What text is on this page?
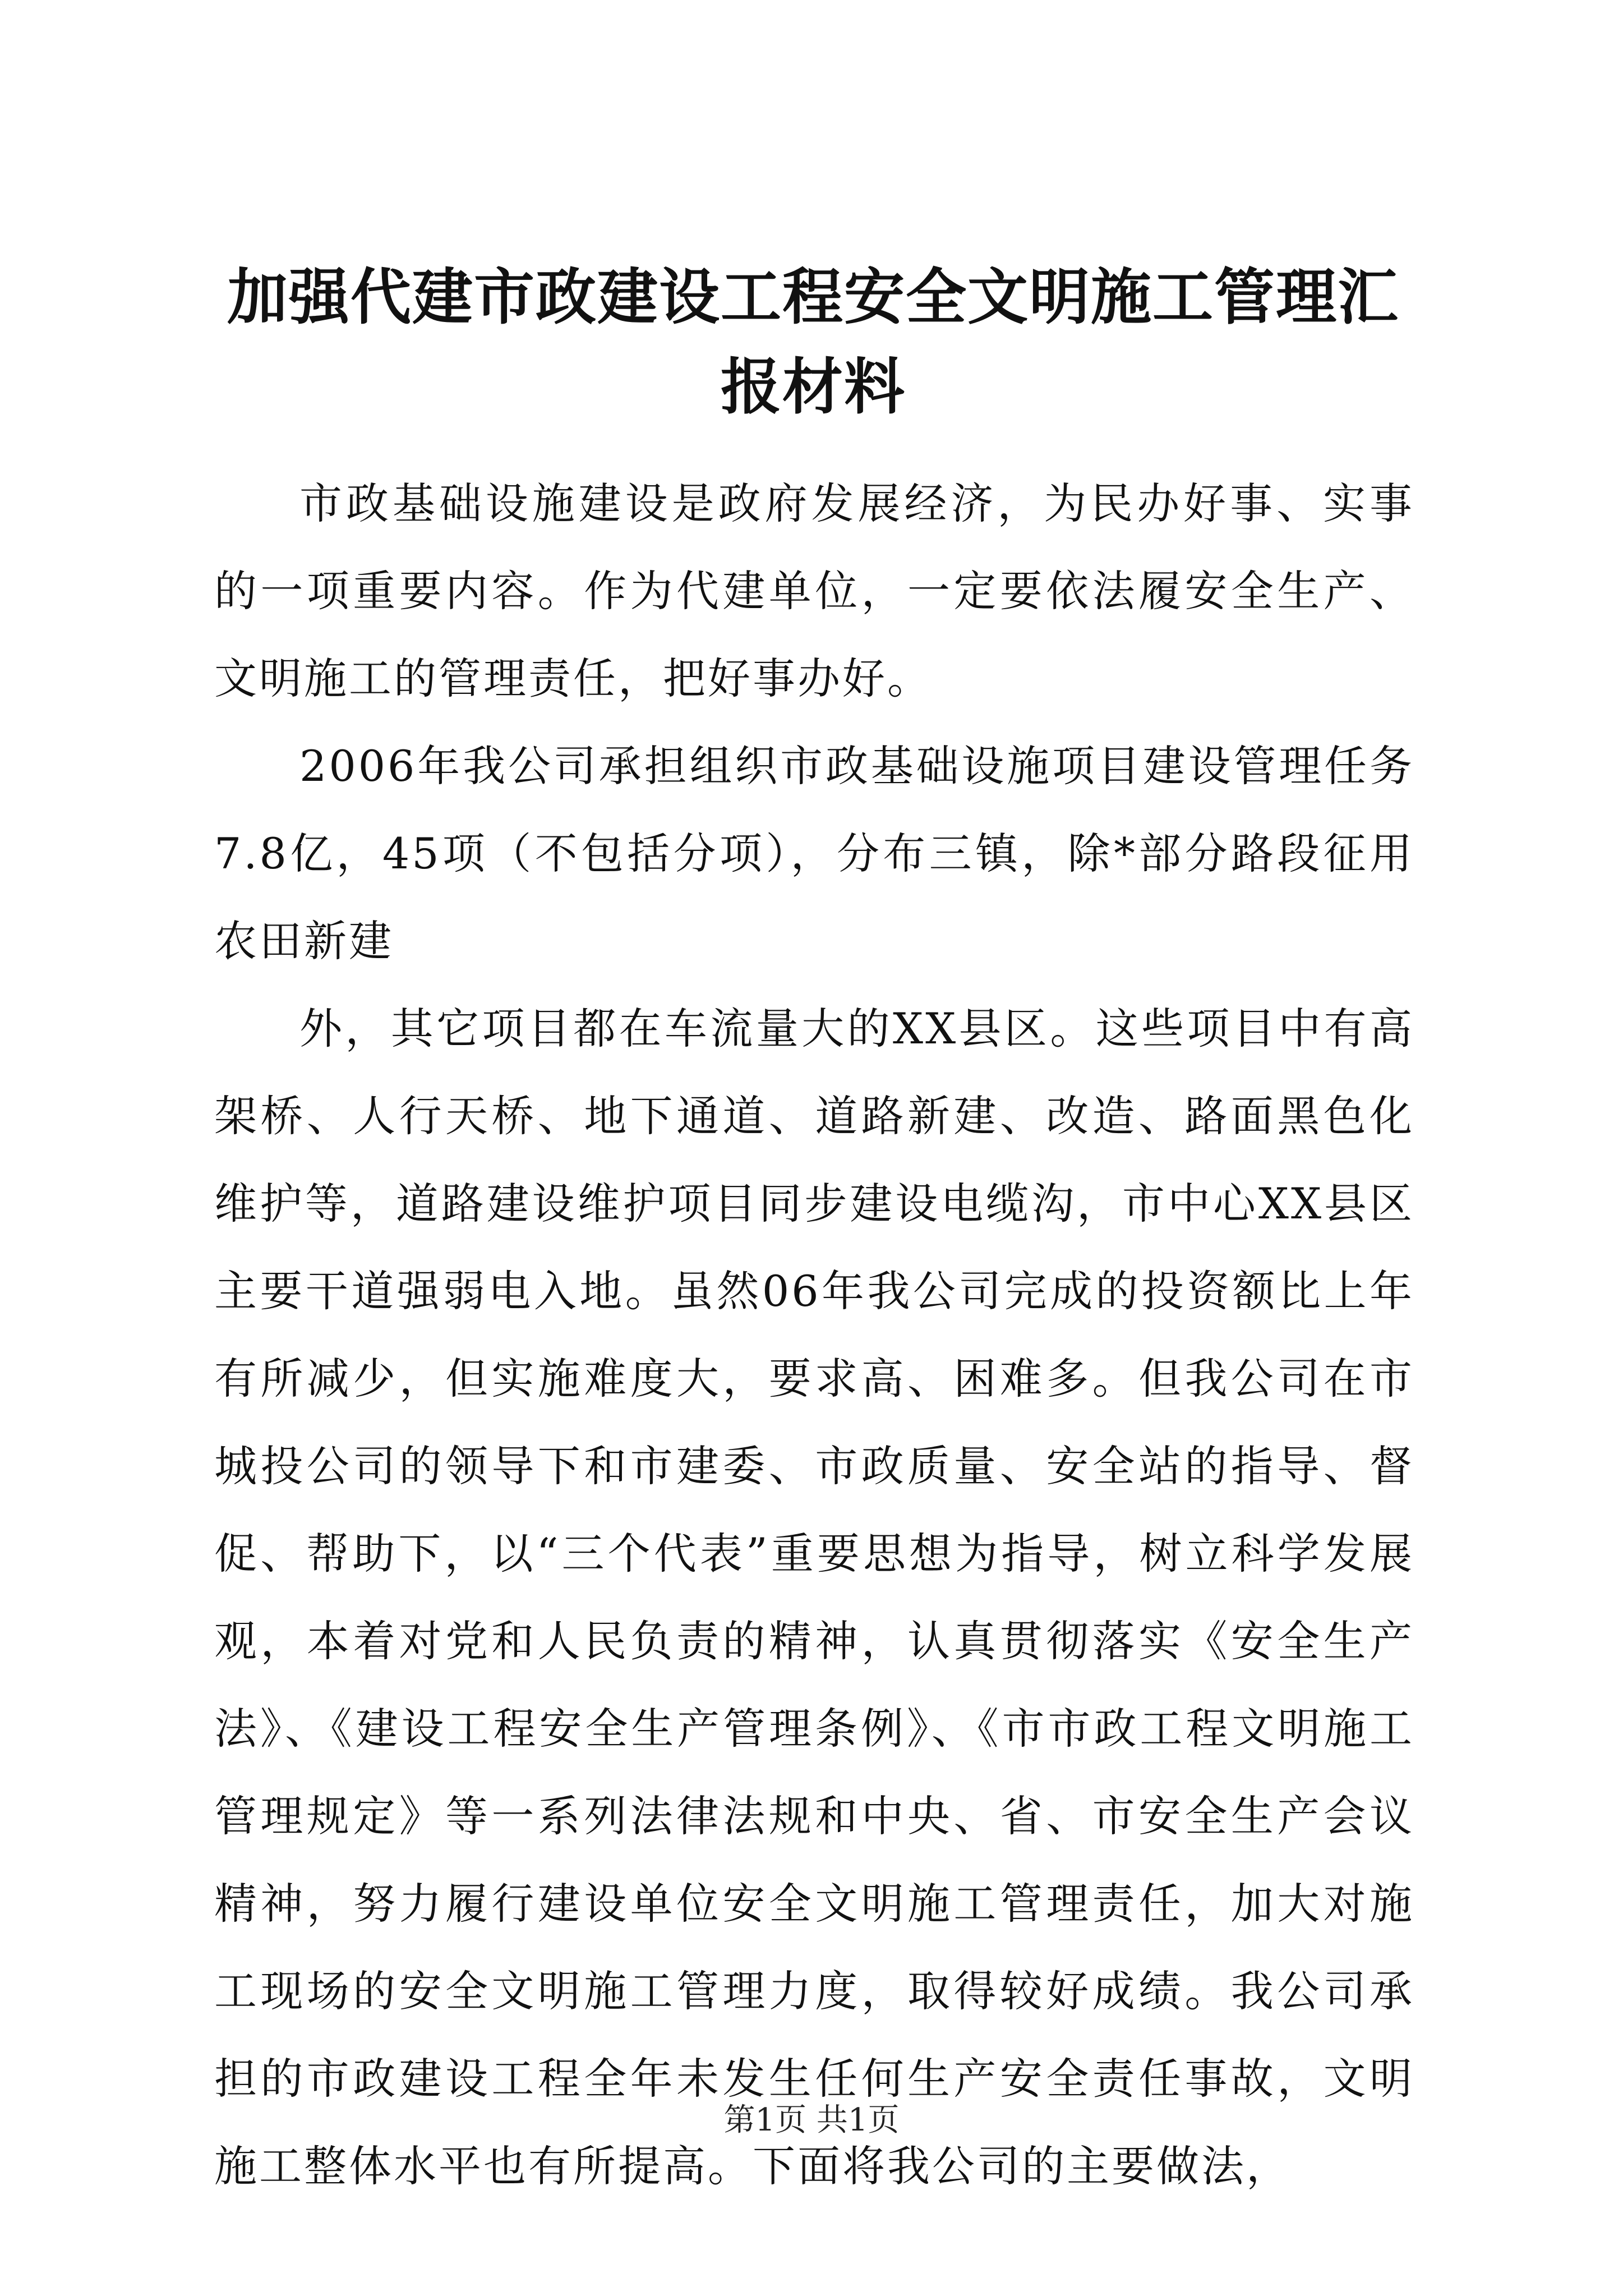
加强代建市政建设工程安全文明施工管理汇报材料

市政基础设施建设是政府发展经济，为民办好事、实事的一项重要内容。作为代建单位，一定要依法履安全生产、文明施工的管理责任，把好事办好。

2006年我公司承担组织市政基础设施项目建设管理任务7.8亿，45项（不包括分项），分布三镇，除*部分路段征用农田新建

外，其它项目都在车流量大的XX县区。这些项目中有高架桥、人行天桥、地下通道、道路新建、改造、路面黑色化维护等，道路建设维护项目同步建设电缆沟，市中心XX县区主要干道强弱电入地。虽然06年我公司完成的投资额比上年有所减少，但实施难度大，要求高、困难多。但我公司在市城投公司的领导下和市建委、市政质量、安全站的指导、督促、帮助下，以“三个代表”重要思想为指导，树立科学发展观，本着对党和人民负责的精神，认真贯彻落实《安全生产法》、《建设工程安全生产管理条例》、《市市政工程文明施工管理规定》等一系列法律法规和中央、省、市安全生产会议精神，努力履行建设单位安全文明施工管理责任，加大对施工现场的安全文明施工管理力度，取得较好成绩。我公司承担的市政建设工程全年未发生任何生产安全责任事故，文明施工整体水平也有所提高。下面将我公司的主要做法，

第1页 共1页
